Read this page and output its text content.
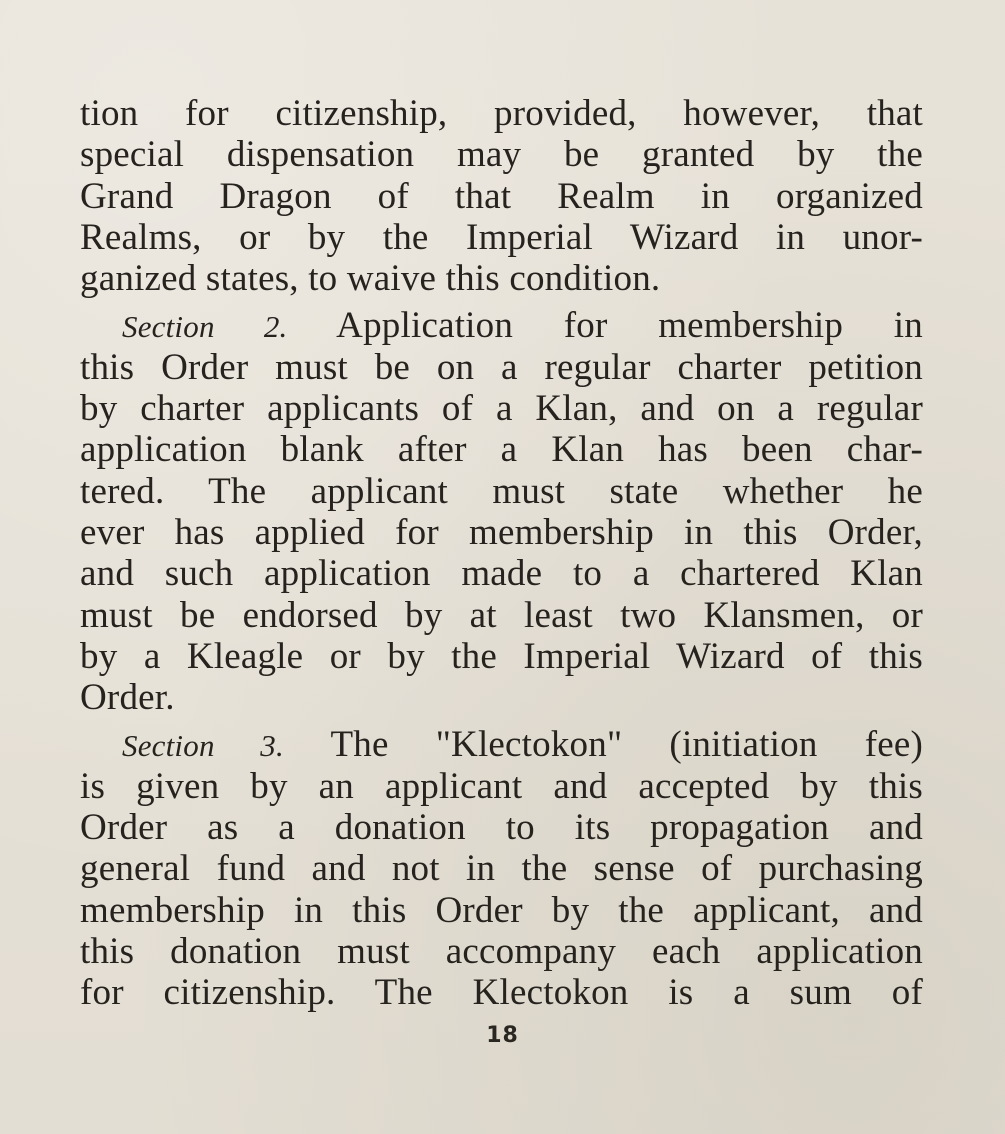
tion for citizenship, provided, however, that
special dispensation may be granted by the
Grand Dragon of that Realm in organized
Realms, or by the Imperial Wizard in unor-
ganized states, to waive this condition.
Section 2. Application for membership in
this Order must be on a regular charter petition
by charter applicants of a Klan, and on a regular
application blank after a Klan has been char-
tered. The applicant must state whether he
ever has applied for membership in this Order,
and such application made to a chartered Klan
must be endorsed by at least two Klansmen, or
by a Kleagle or by the Imperial Wizard of this
Order.
Section 3. The "Klectokon" (initiation fee)
is given by an applicant and accepted by this
Order as a donation to its propagation and
general fund and not in the sense of purchasing
membership in this Order by the applicant, and
this donation must accompany each application
for citizenship. The Klectokon is a sum of
18
